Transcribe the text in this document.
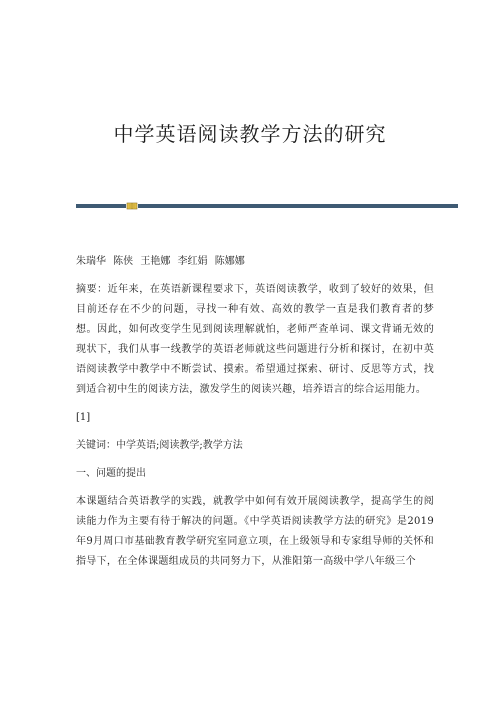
中学英语阅读教学方法的研究
朱瑞华 陈侠 王艳娜 李红娟 陈娜娜
摘要：近年来，在英语新课程要求下，英语阅读教学，收到了较好的效果，但目前还存在不少的问题，寻找一种有效、高效的教学一直是我们教育者的梦想。因此，如何改变学生见到阅读理解就怕，老师严查单词、课文背诵无效的现状下，我们从事一线教学的英语老师就这些问题进行分析和探讨，在初中英语阅读教学中教学中不断尝试、摸索。希望通过探索、研讨、反思等方式，找到适合初中生的阅读方法，激发学生的阅读兴趣，培养语言的综合运用能力。
[1]
关键词：中学英语;阅读教学;教学方法
一、问题的提出
本课题结合英语教学的实践，就教学中如何有效开展阅读教学，提高学生的阅读能力作为主要有待于解决的问题。《中学英语阅读教学方法的研究》是2019年9月周口市基础教育教学研究室同意立项，在上级领导和专家组导师的关怀和指导下，在全体课题组成员的共同努力下，从淮阳第一高级中学八年级三个
